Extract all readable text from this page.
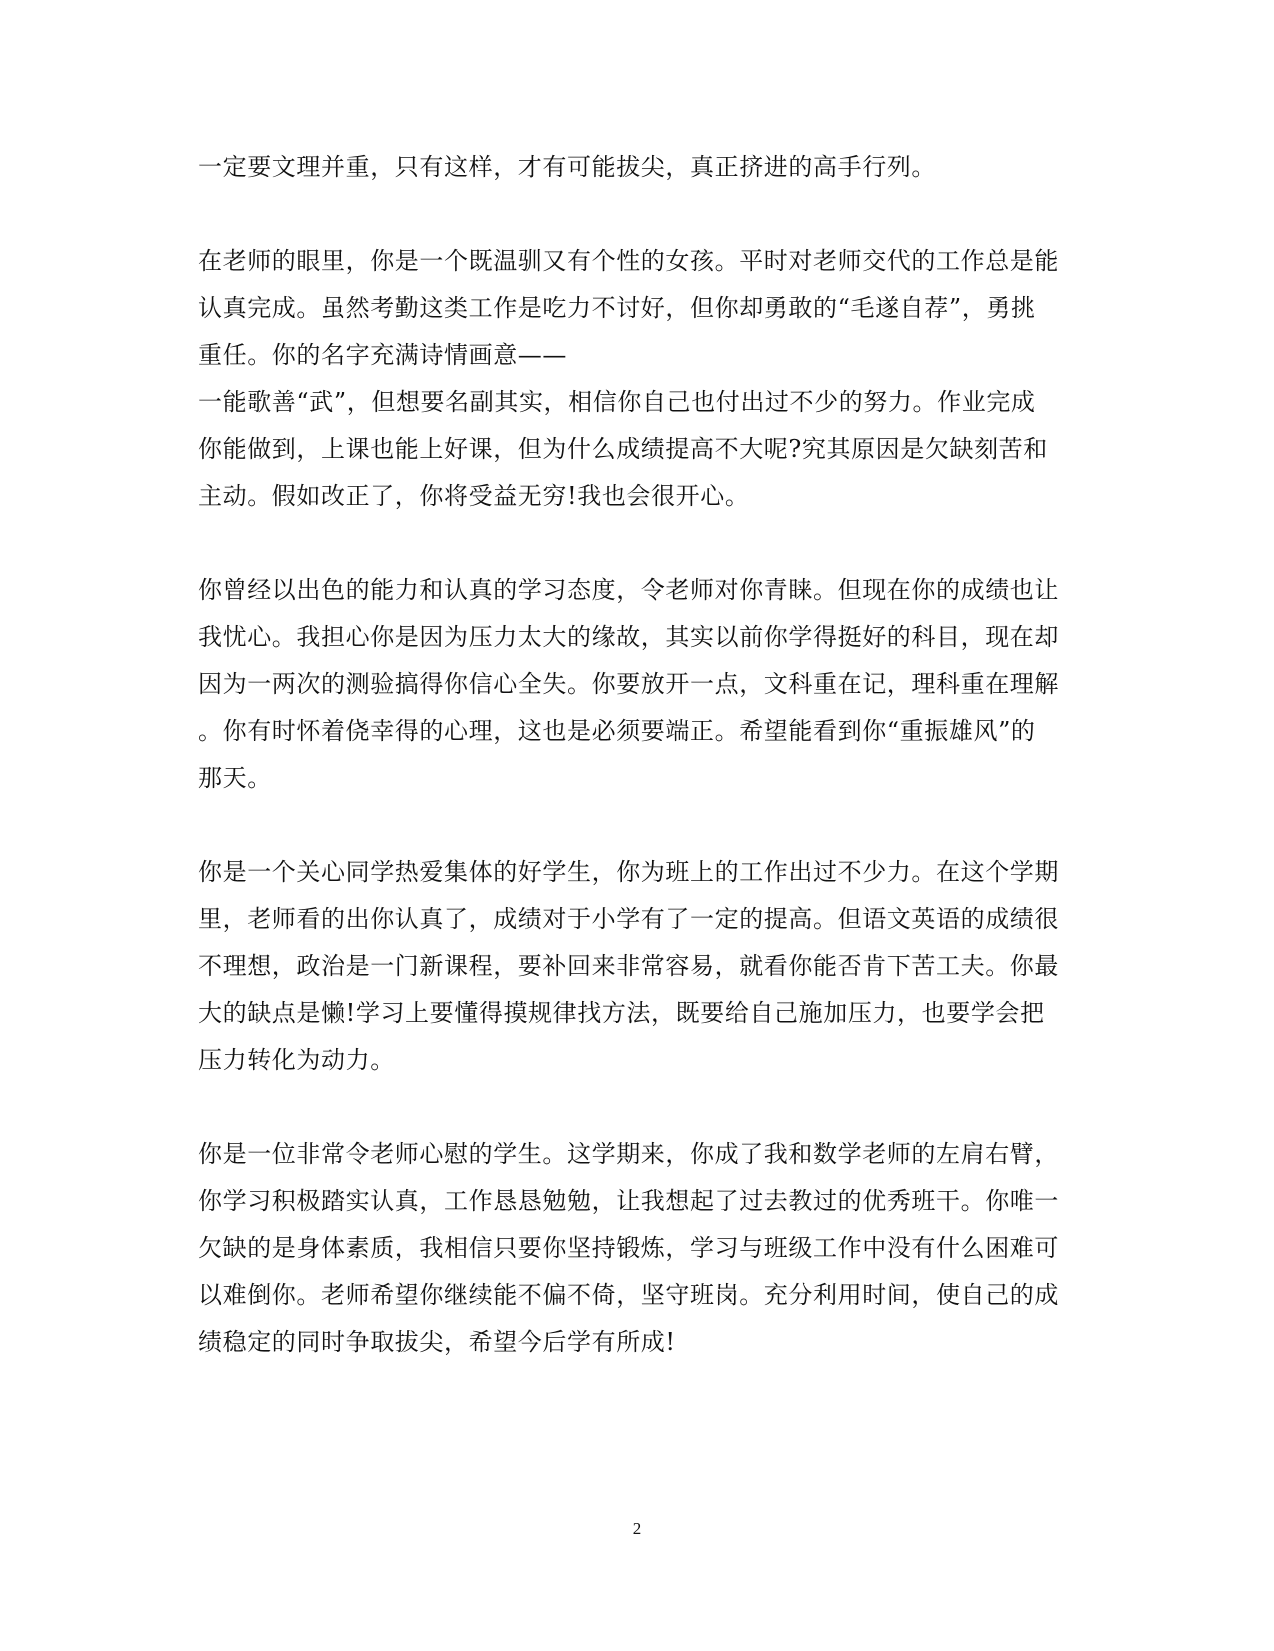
一定要文理并重，只有这样，才有可能拔尖，真正挤进的高手行列。
在老师的眼里，你是一个既温驯又有个性的女孩。平时对老师交代的工作总是能
认真完成。虽然考勤这类工作是吃力不讨好，但你却勇敢的“毛遂自荐”，勇挑
重任。你的名字充满诗情画意——
一能歌善“武”，但想要名副其实，相信你自己也付出过不少的努力。作业完成
你能做到，上课也能上好课，但为什么成绩提高不大呢?究其原因是欠缺刻苦和
主动。假如改正了，你将受益无穷!我也会很开心。
你曾经以出色的能力和认真的学习态度，令老师对你青睐。但现在你的成绩也让
我忧心。我担心你是因为压力太大的缘故，其实以前你学得挺好的科目，现在却
因为一两次的测验搞得你信心全失。你要放开一点，文科重在记，理科重在理解
。你有时怀着侥幸得的心理，这也是必须要端正。希望能看到你“重振雄风”的
那天。
你是一个关心同学热爱集体的好学生，你为班上的工作出过不少力。在这个学期
里，老师看的出你认真了，成绩对于小学有了一定的提高。但语文英语的成绩很
不理想，政治是一门新课程，要补回来非常容易，就看你能否肯下苦工夫。你最
大的缺点是懒!学习上要懂得摸规律找方法，既要给自己施加压力，也要学会把
压力转化为动力。
你是一位非常令老师心慰的学生。这学期来，你成了我和数学老师的左肩右臂，
你学习积极踏实认真，工作恳恳勉勉，让我想起了过去教过的优秀班干。你唯一
欠缺的是身体素质，我相信只要你坚持锻炼，学习与班级工作中没有什么困难可
以难倒你。老师希望你继续能不偏不倚，坚守班岗。充分利用时间，使自己的成
绩稳定的同时争取拔尖，希望今后学有所成!
2
